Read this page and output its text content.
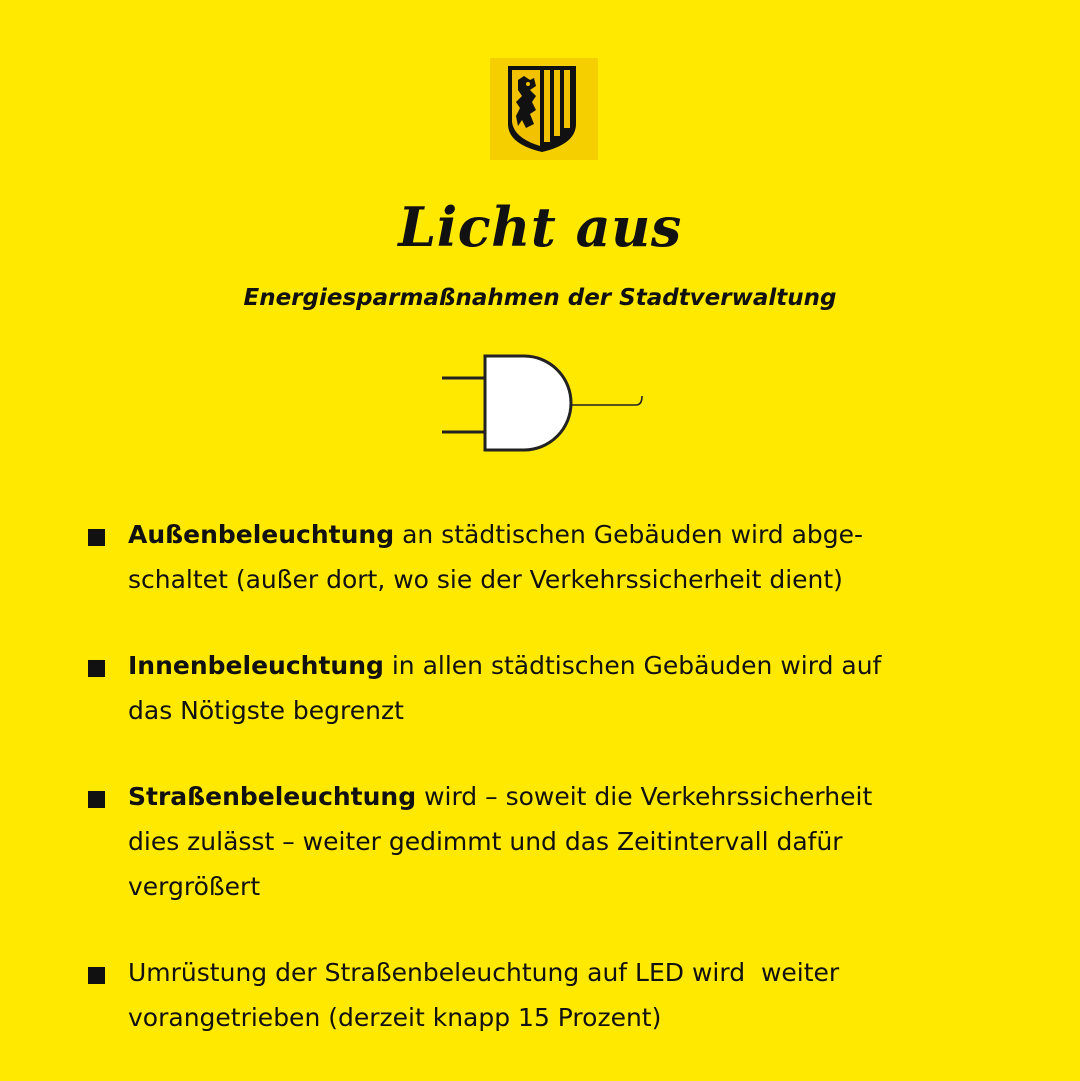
Licht aus
Energiesparmaßnahmen der Stadtverwaltung
Außenbeleuchtung an städtischen Gebäuden wird abge-
schaltet (außer dort, wo sie der Verkehrssicherheit dient)
Innenbeleuchtung in allen städtischen Gebäuden wird auf
das Nötigste begrenzt
Straßenbeleuchtung wird – soweit die Verkehrssicherheit
dies zulässt – weiter gedimmt und das Zeitintervall dafür
vergrößert
Umrüstung der Straßenbeleuchtung auf LED wird  weiter
vorangetrieben (derzeit knapp 15 Prozent)
